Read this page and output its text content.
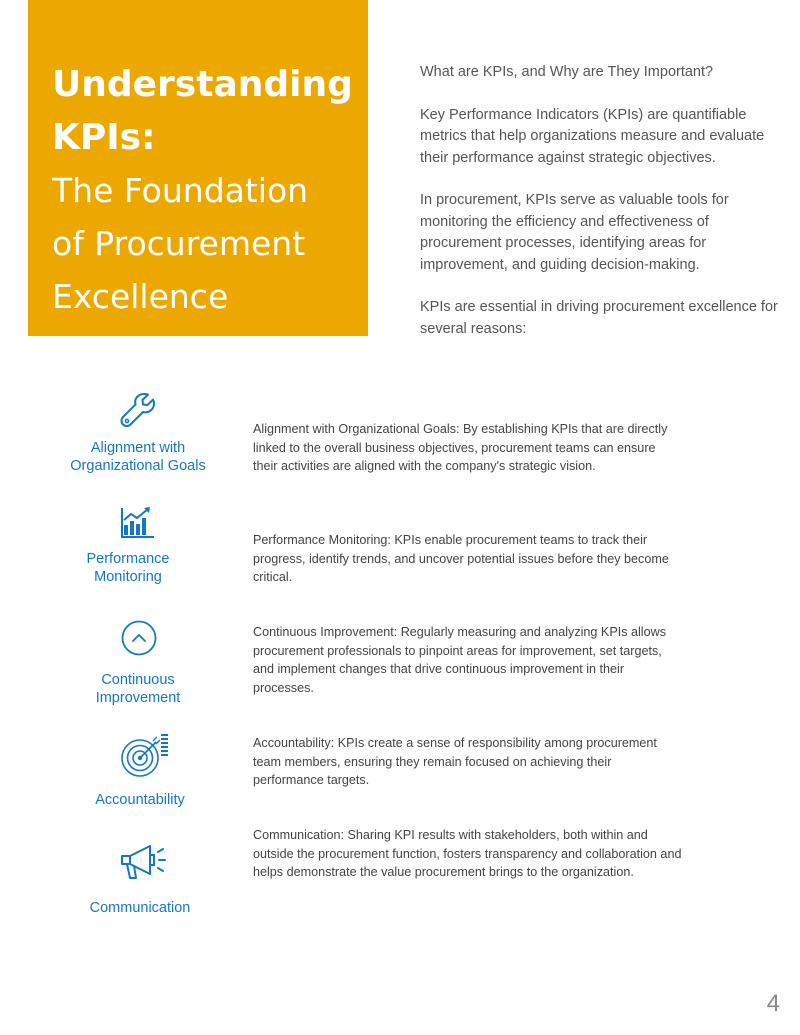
Understanding
KPIs:
The Foundation
of Procurement
Excellence

What are KPIs, and Why are They Important?

Key Performance Indicators (KPIs) are quantifiable metrics that help organizations measure and evaluate their performance against strategic objectives.

In procurement, KPIs serve as valuable tools for monitoring the efficiency and effectiveness of procurement processes, identifying areas for improvement, and guiding decision-making.

KPIs are essential in driving procurement excellence for several reasons:

Alignment with
Organizational Goals
Alignment with Organizational Goals: By establishing KPIs that are directly linked to the overall business objectives, procurement teams can ensure their activities are aligned with the company's strategic vision.
Performance
Monitoring
Performance Monitoring: KPIs enable procurement teams to track their progress, identify trends, and uncover potential issues before they become critical.
Continuous
Improvement
Continuous Improvement: Regularly measuring and analyzing KPIs allows procurement professionals to pinpoint areas for improvement, set targets, and implement changes that drive continuous improvement in their processes.
Accountability
Accountability: KPIs create a sense of responsibility among procurement team members, ensuring they remain focused on achieving their performance targets.
Communication
Communication: Sharing KPI results with stakeholders, both within and outside the procurement function, fosters transparency and collaboration and helps demonstrate the value procurement brings to the organization.
4
